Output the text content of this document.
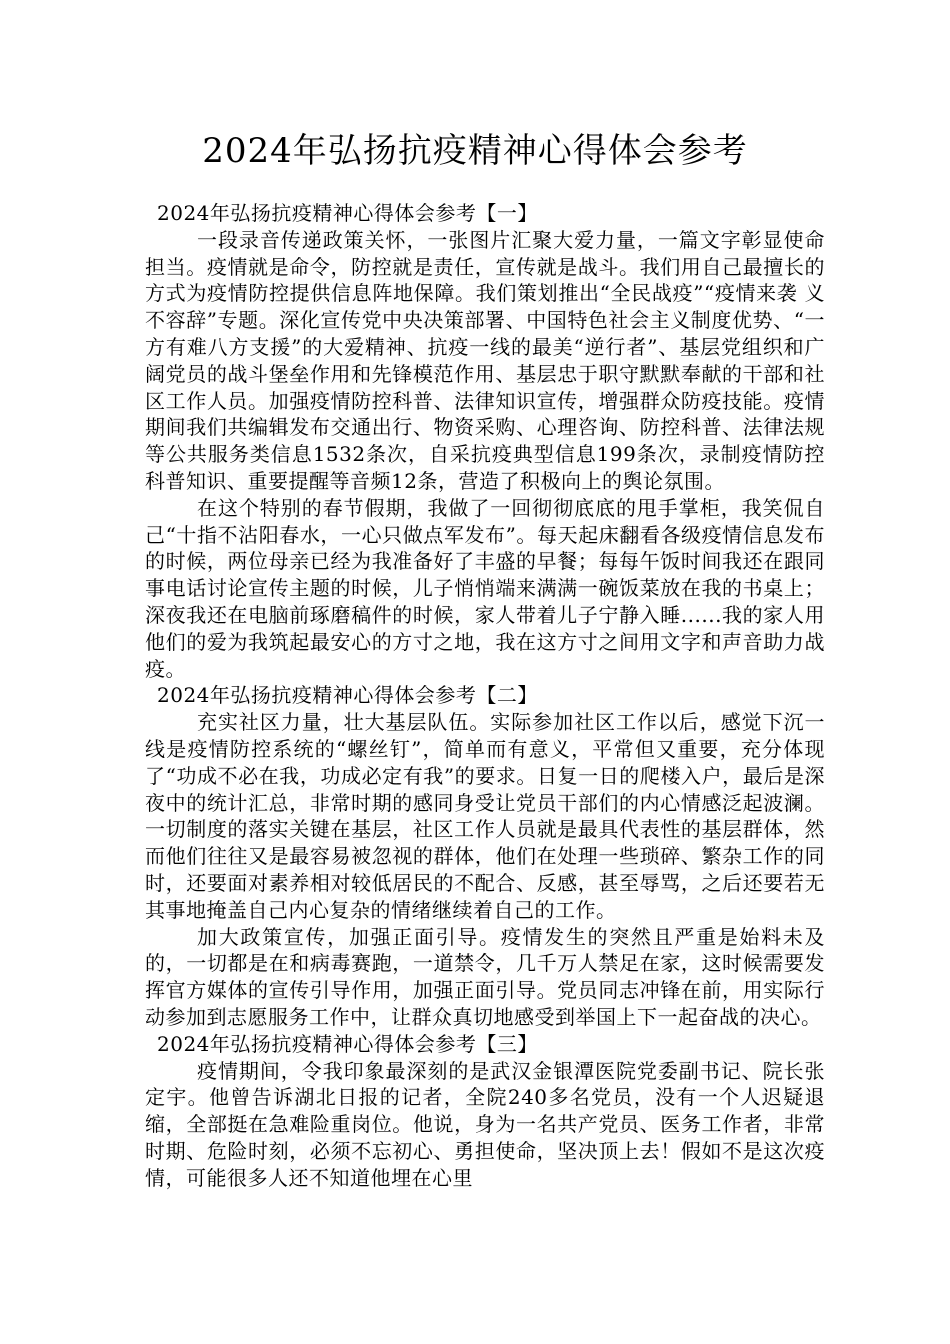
2024年弘扬抗疫精神心得体会参考

2024年弘扬抗疫精神心得体会参考【一】

一段录音传递政策关怀，一张图片汇聚大爱力量，一篇文字彰显使命担当。疫情就是命令，防控就是责任，宣传就是战斗。我们用自己最擅长的方式为疫情防控提供信息阵地保障。我们策划推出“全民战疫”“疫情来袭 义不容辞”专题。深化宣传党中央决策部署、中国特色社会主义制度优势、“一方有难八方支援”的大爱精神、抗疫一线的最美“逆行者”、基层党组织和广阔党员的战斗堡垒作用和先锋模范作用、基层忠于职守默默奉献的干部和社区工作人员。加强疫情防控科普、法律知识宣传，增强群众防疫技能。疫情期间我们共编辑发布交通出行、物资采购、心理咨询、防控科普、法律法规等公共服务类信息1532条次，自采抗疫典型信息199条次，录制疫情防控科普知识、重要提醒等音频12条，营造了积极向上的舆论氛围。

在这个特别的春节假期，我做了一回彻彻底底的甩手掌柜，我笑侃自己“十指不沾阳春水，一心只做点军发布”。每天起床翻看各级疫情信息发布的时候，两位母亲已经为我准备好了丰盛的早餐；每每午饭时间我还在跟同事电话讨论宣传主题的时候，儿子悄悄端来满满一碗饭菜放在我的书桌上；深夜我还在电脑前琢磨稿件的时候，家人带着儿子宁静入睡......我的家人用他们的爱为我筑起最安心的方寸之地，我在这方寸之间用文字和声音助力战疫。

2024年弘扬抗疫精神心得体会参考【二】

充实社区力量，壮大基层队伍。实际参加社区工作以后，感觉下沉一线是疫情防控系统的“螺丝钉”，简单而有意义，平常但又重要，充分体现了“功成不必在我，功成必定有我”的要求。日复一日的爬楼入户，最后是深夜中的统计汇总，非常时期的感同身受让党员干部们的内心情感泛起波澜。一切制度的落实关键在基层，社区工作人员就是最具代表性的基层群体，然而他们往往又是最容易被忽视的群体，他们在处理一些琐碎、繁杂工作的同时，还要面对素养相对较低居民的不配合、反感，甚至辱骂，之后还要若无其事地掩盖自己内心复杂的情绪继续着自己的工作。

加大政策宣传，加强正面引导。疫情发生的突然且严重是始料未及的，一切都是在和病毒赛跑，一道禁令，几千万人禁足在家，这时候需要发挥官方媒体的宣传引导作用，加强正面引导。党员同志冲锋在前，用实际行动参加到志愿服务工作中，让群众真切地感受到举国上下一起奋战的决心。

2024年弘扬抗疫精神心得体会参考【三】

疫情期间，令我印象最深刻的是武汉金银潭医院党委副书记、院长张定宇。他曾告诉湖北日报的记者，全院240多名党员，没有一个人迟疑退缩，全部挺在急难险重岗位。他说，身为一名共产党员、医务工作者，非常时期、危险时刻，必须不忘初心、勇担使命，坚决顶上去！假如不是这次疫情，可能很多人还不知道他埋在心里
